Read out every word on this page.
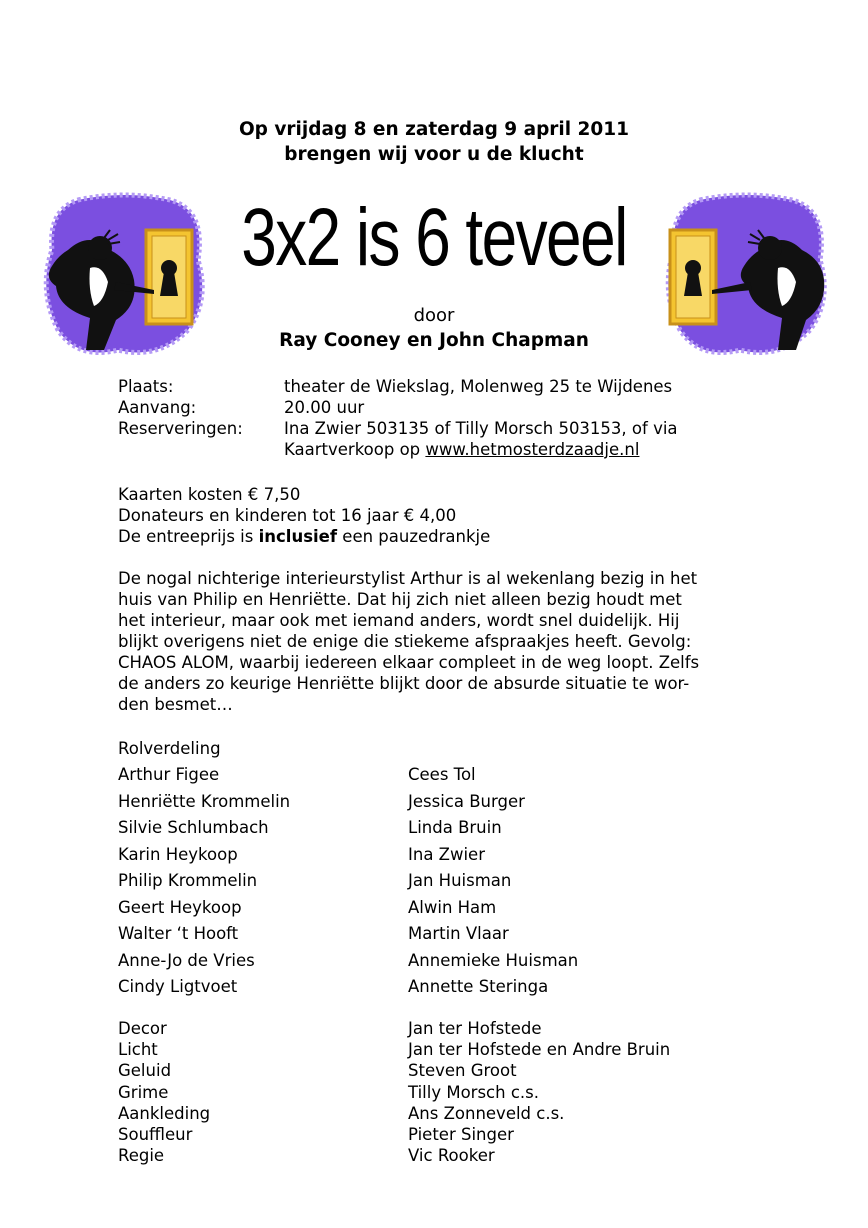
Op vrijdag 8 en zaterdag 9 april 2011
brengen wij voor u de klucht
3x2 is 6 teveel
door
Ray Cooney en John Chapman
Plaats:	theater de Wiekslag, Molenweg 25 te Wijdenes
Aanvang:	20.00 uur
Reserveringen:	Ina Zwier 503135 of Tilly Morsch 503153, of via
Kaartverkoop op www.hetmosterdzaadje.nl
Kaarten kosten € 7,50
Donateurs en kinderen tot 16 jaar € 4,00
De entreeprijs is inclusief een pauzedrankje
De nogal nichterige interieurstylist Arthur is al wekenlang bezig in het
huis van Philip en Henriëtte. Dat hij zich niet alleen bezig houdt met
het interieur, maar ook met iemand anders, wordt snel duidelijk. Hij
blijkt overigens niet de enige die stiekeme afspraakjes heeft. Gevolg:
CHAOS ALOM, waarbij iedereen elkaar compleet in de weg loopt. Zelfs
de anders zo keurige Henriëtte blijkt door de absurde situatie te wor-
den besmet…
Rolverdeling
Arthur Figee	Cees Tol
Henriëtte Krommelin	Jessica Burger
Silvie Schlumbach	Linda Bruin
Karin Heykoop	Ina Zwier
Philip Krommelin	Jan Huisman
Geert Heykoop	Alwin Ham
Walter ‘t Hooft	Martin Vlaar
Anne-Jo de Vries	Annemieke Huisman
Cindy Ligtvoet	Annette Steringa
Decor	Jan ter Hofstede
Licht	Jan ter Hofstede en Andre Bruin
Geluid	Steven Groot
Grime	Tilly Morsch c.s.
Aankleding	Ans Zonneveld c.s.
Souffleur	Pieter Singer
Regie	Vic Rooker
